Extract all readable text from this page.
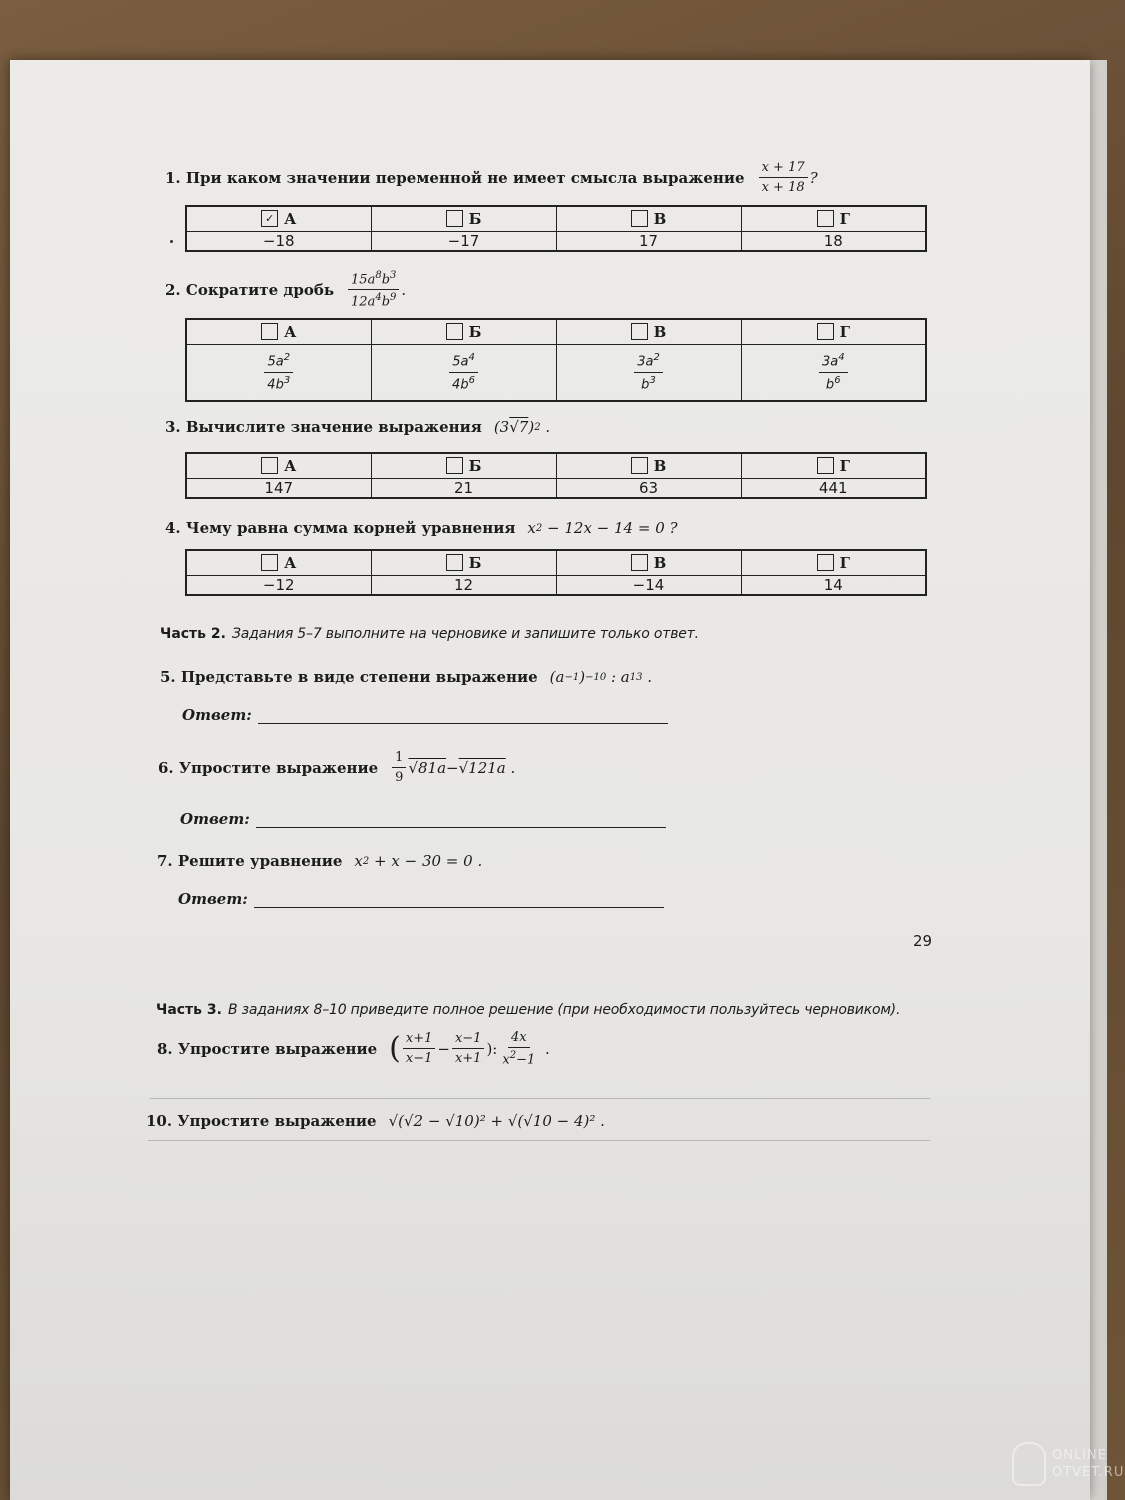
1. При каком значении переменной не имеет смысла выражение $\frac{x + 17}{x + 18}$ ?
✓ А	Б	В	Г
−18	−17	17	18
2. Сократите дробь $\frac{15a^8b^3}{12a^4b^9}$ .
А	Б	В	Г

$\frac{5a^2}{4b^3}$	$\frac{5a^4}{4b^6}$	$\frac{3a^2}{b^3}$	$\frac{3a^4}{b^6}$
3. Вычислите значение выражения (3 √7 ) 2
.
А	Б	В	Г
147	21	63	441
4. Чему равна сумма корней уравнения x 2
− 12x − 14 = 0 ?
А	Б	В	Г
−12	12	−14	14
Часть 2. Задания 5–7 выполните на черновике и запишите только ответ.
5. Представьте в виде степени выражение (a −1 ) −10
: a 13
.
Ответ:
6. Упростите выражение $\frac{1}{9} √81a - √121a$
.
Ответ:
7. Решите уравнение x 2
+ x − 30 = 0 .
Ответ:
29
Часть 3. В заданиях 8–10 приведите полное решение (при необходимости пользуйтесь черновиком).
8. Упростите выражение ( $\frac{x+1}{x-1} - \frac{x-1}{x+1}$ ): $\frac{4x}{x^2-1}$
.
10. Упростите выражение √(√2 − √10)² + √(√10 − 4)² .
ONLINE
OTVET.RU
